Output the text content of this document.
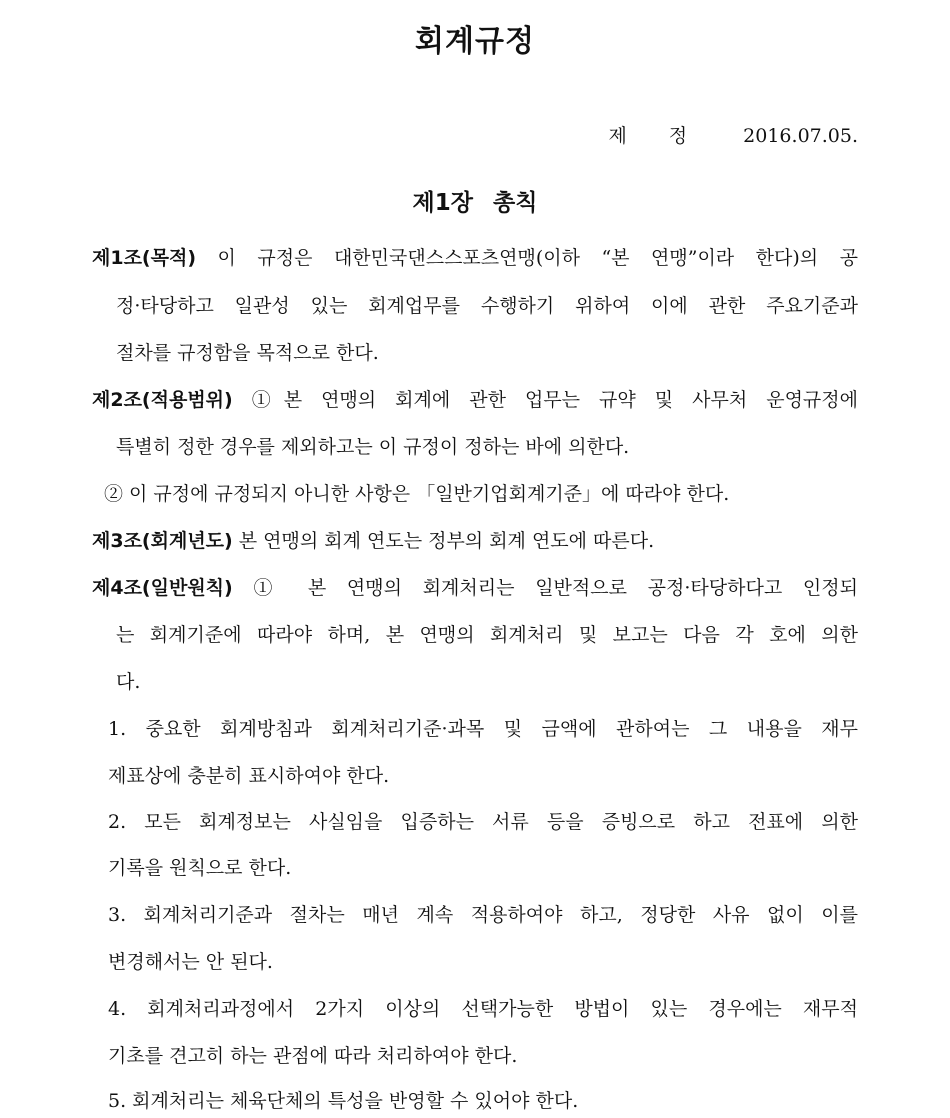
회계규정
제정 2016.07.05.
제1장 총칙
제1조(목적) 이 규정은 대한민국댄스스포츠연맹(이하 “본 연맹”이라 한다)의 공
정·타당하고 일관성 있는 회계업무를 수행하기 위하여 이에 관한 주요기준과
절차를 규정함을 목적으로 한다.
제2조(적용범위) ①본 연맹의 회계에 관한 업무는 규약 및 사무처 운영규정에
특별히 정한 경우를 제외하고는 이 규정이 정하는 바에 의한다.
② 이 규정에 규정되지 아니한 사항은 「일반기업회계기준」에 따라야 한다.
제3조(회계년도) 본 연맹의 회계 연도는 정부의 회계 연도에 따른다.
제4조(일반원칙) ① 본 연맹의 회계처리는 일반적으로 공정·타당하다고 인정되
는 회계기준에 따라야 하며, 본 연맹의 회계처리 및 보고는 다음 각 호에 의한
다.
1. 중요한 회계방침과 회계처리기준·과목 및 금액에 관하여는 그 내용을 재무
제표상에 충분히 표시하여야 한다.
2. 모든 회계정보는 사실임을 입증하는 서류 등을 증빙으로 하고 전표에 의한
기록을 원칙으로 한다.
3. 회계처리기준과 절차는 매년 계속 적용하여야 하고, 정당한 사유 없이 이를
변경해서는 안 된다.
4. 회계처리과정에서 2가지 이상의 선택가능한 방법이 있는 경우에는 재무적
기초를 견고히 하는 관점에 따라 처리하여야 한다.
5. 회계처리는 체육단체의 특성을 반영할 수 있어야 한다.
